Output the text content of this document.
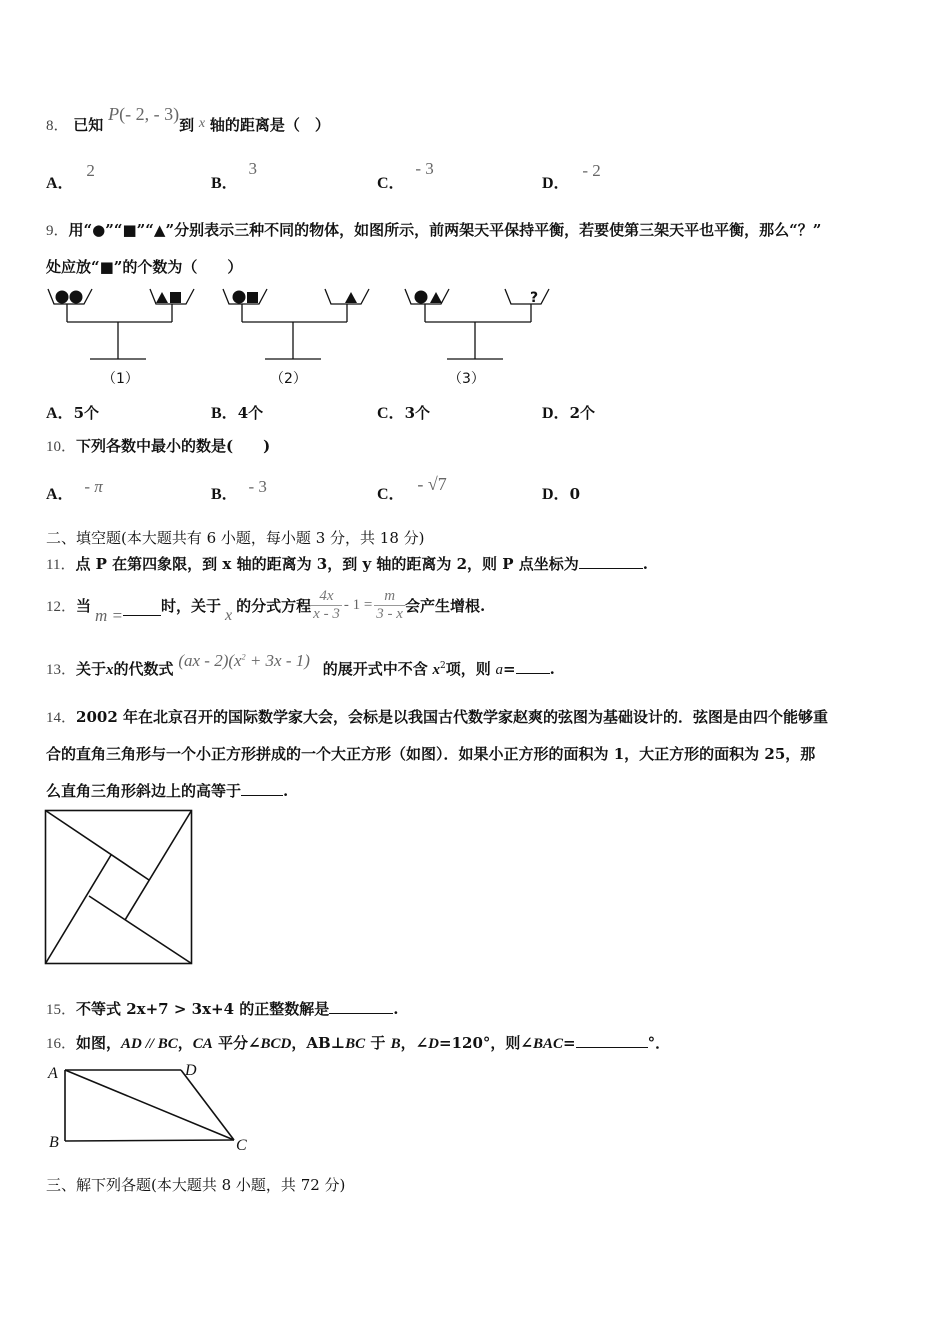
8． 已知 P(- 2, - 3)到 x 轴的距离是（　）
A． 2
B． 3
C． - 3
D． - 2
9．用“●”“■”“▲”分别表示三种不同的物体，如图所示，前两架天平保持平衡，若要使第三架天平也平衡，那么“？”
处应放“■”的个数为（　　）
（1）	（2）
?
（3）
A．5个	B．4个	C．3个	D．2个
10．下列各数中最小的数是(　　)
A． - π	B． - 3	C． - √7
D．0
二、填空题(本大题共有 6 小题，每小题 3 分，共 18 分)
11．点 P 在第四象限，到 x 轴的距离为 3，到 y 轴的距离为 2，则 P 点坐标为	.
12． 当 m =	时，关于 x 的分式方程 $\frac{4x}{x - 3} - 1 = \frac{m}{3 - x}$ 会产生增根.
13．关于x的代数式 $(ax - 2)(x^2 + 3x - 1)$ 的展开式中不含 $x^2$项，则 a= .
14．2002 年在北京召开的国际数学家大会，会标是以我国古代数学家赵爽的弦图为基础设计的．弦图是由四个能够重
合的直角三角形与一个小正方形拼成的一个大正方形（如图）．如果小正方形的面积为 1，大正方形的面积为 25，那
么直角三角形斜边上的高等于	.
15．不等式 2x+7 > 3x+4 的正整数解是	.
16．如图，AD // BC，CA 平分∠BCD，AB⊥BC 于 B，∠D=120°，则∠BAC=	°．
A	D
B	C
三、解下列各题(本大题共 8 小题，共 72 分)
